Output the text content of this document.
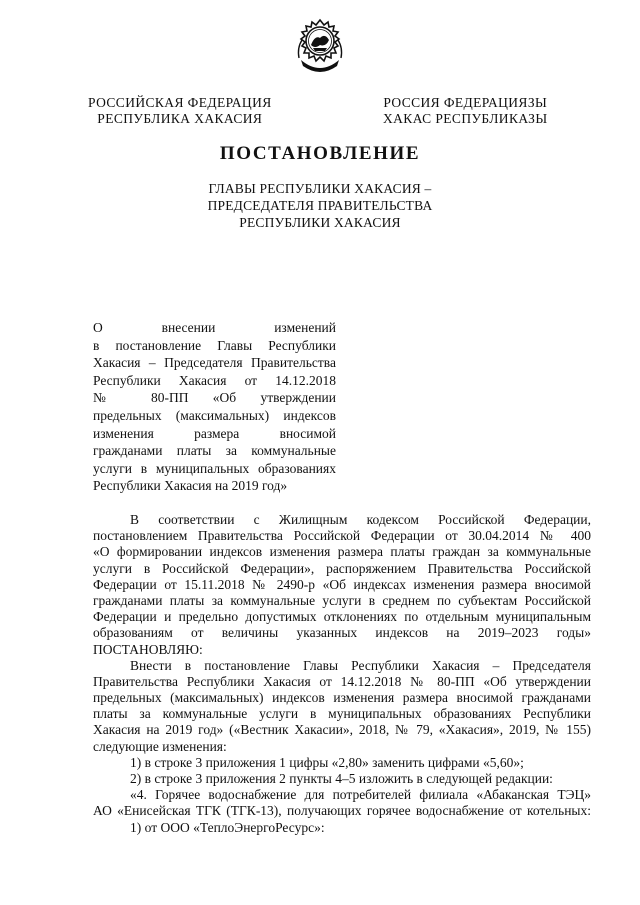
РОССИЙСКАЯ ФЕДЕРАЦИЯ
РЕСПУБЛИКА ХАКАСИЯ
РОССИЯ ФЕДЕРАЦИЯЗЫ
ХАКАС РЕСПУБЛИКАЗЫ
ПОСТАНОВЛЕНИЕ
ГЛАВЫ РЕСПУБЛИКИ ХАКАСИЯ –
ПРЕДСЕДАТЕЛЯ ПРАВИТЕЛЬСТВА
РЕСПУБЛИКИ ХАКАСИЯ
О внесении изменений
в постановление Главы Республики
Хакасия – Председателя Правительства
Республики Хакасия от 14.12.2018
№ 80-ПП «Об утверждении
предельных (максимальных) индексов
изменения размера вносимой
гражданами платы за коммунальные
услуги в муниципальных образованиях
Республики Хакасия на 2019 год»
В соответствии с Жилищным кодексом Российской Федерации,
постановлением Правительства Российской Федерации от 30.04.2014 № 400
«О формировании индексов изменения размера платы граждан за коммунальные
услуги в Российской Федерации», распоряжением Правительства Российской
Федерации от 15.11.2018 № 2490-р «Об индексах изменения размера вносимой
гражданами платы за коммунальные услуги в среднем по субъектам Российской
Федерации и предельно допустимых отклонениях по отдельным муниципальным
образованиям от величины указанных индексов на 2019–2023 годы»
ПОСТАНОВЛЯЮ:
Внести в постановление Главы Республики Хакасия – Председателя
Правительства Республики Хакасия от 14.12.2018 № 80-ПП «Об утверждении
предельных (максимальных) индексов изменения размера вносимой гражданами
платы за коммунальные услуги в муниципальных образованиях Республики
Хакасия на 2019 год» («Вестник Хакасии», 2018, № 79, «Хакасия», 2019, № 155)
следующие изменения:
1) в строке 3 приложения 1 цифры «2,80» заменить цифрами «5,60»;
2) в строке 3 приложения 2 пункты 4–5 изложить в следующей редакции:
«4. Горячее водоснабжение для потребителей филиала «Абаканская ТЭЦ»
АО «Енисейская ТГК (ТГК-13), получающих горячее водоснабжение от котельных:
1) от ООО «ТеплоЭнергоРесурс»:
